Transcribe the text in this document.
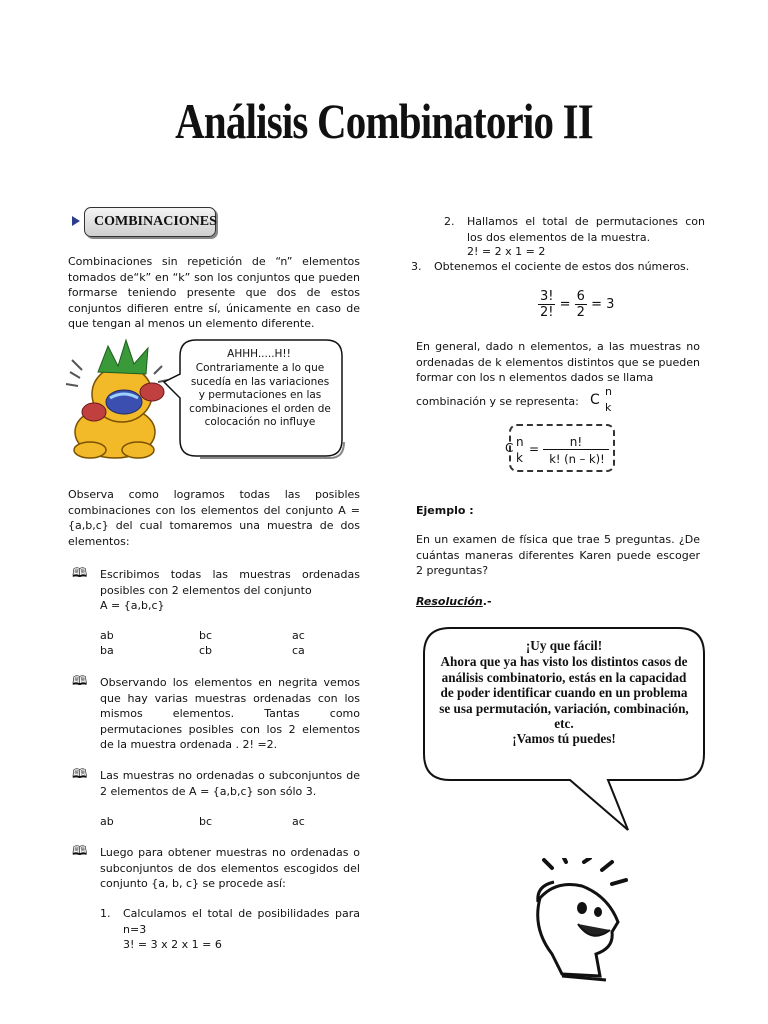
Análisis Combinatorio II
COMBINACIONES
Combinaciones sin repetición de “n” elementos tomados de“k” en “k” son los conjuntos que pueden formarse teniendo presente que dos de estos conjuntos difieren entre sí, únicamente en caso de que tengan al menos un elemento diferente.
AHHH.....H!!
Contrariamente a lo que sucedía en las variaciones y permutaciones en las combinaciones el orden de colocación no influye
Observa como logramos todas las posibles combinaciones con los elementos del conjunto A = {a,b,c} del cual tomaremos una muestra de dos elementos:
🕮 Escribimos todas las muestras ordenadas posibles con 2 elementos del conjunto
A = {a,b,c}
ab	bc	ac
ba	cb	ca
🕮 Observando los elementos en negrita vemos que hay varias muestras ordenadas con los mismos elementos. Tantas como permutaciones posibles con los 2 elementos de la muestra ordenada . 2! =2.
🕮 Las muestras no ordenadas o subconjuntos de 2 elementos de A = {a,b,c} son sólo 3.
ab	bc	ac
🕮 Luego para obtener muestras no ordenadas o subconjuntos de dos elementos escogidos del conjunto {a, b, c} se procede así:
1. Calculamos el total de posibilidades para n=3
3! = 3 x 2 x 1 = 6
2. Hallamos el total de permutaciones con los dos elementos de la muestra.
2! = 2 x 1 = 2
3. Obtenemos el cociente de estos dos números.
$\frac{3!}{2!} = \frac{6}{2} = 3$
En general, dado n elementos, a las muestras no ordenadas de k elementos distintos que se pueden formar con los n elementos dados se llama
combinación y se representa: C
n
k
C n
k
=	n!
k! (n – k)!
Ejemplo :
En un examen de física que trae 5 preguntas. ¿De cuántas maneras diferentes Karen puede escoger 2 preguntas?
Resolución.-
¡Uy que fácil!
Ahora que ya has visto los distintos casos de análisis combinatorio, estás en la capacidad de poder identificar cuando en un problema se usa permutación, variación, combinación, etc.
¡Vamos tú puedes!
